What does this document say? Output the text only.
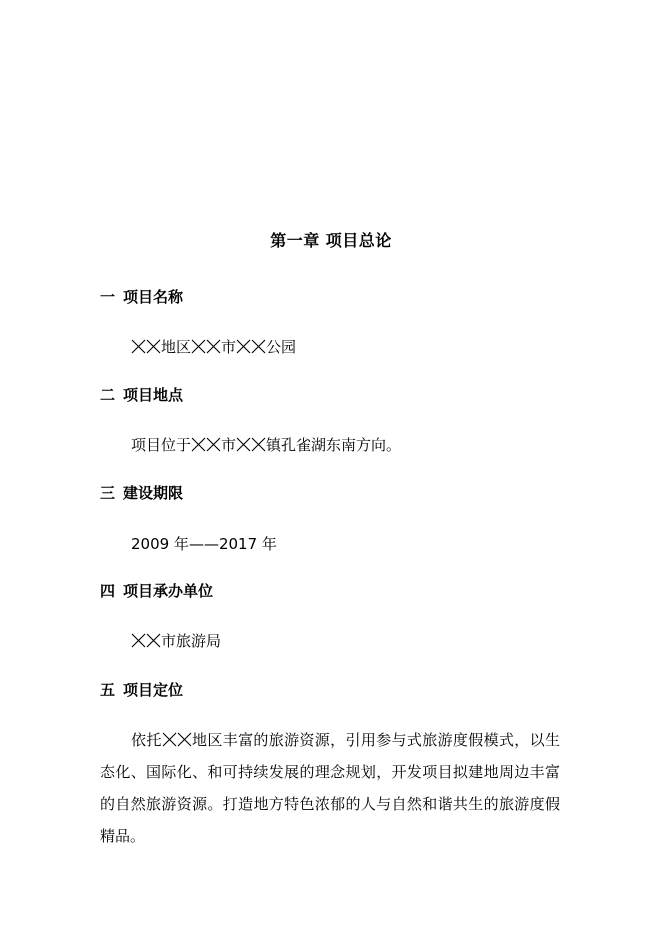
第一章 项目总论
一 项目名称
地区 市 公园
二 项目地点
项目位于 市 镇孔雀湖东南方向。
三 建设期限
2009 年——2017 年
四 项目承办单位
市旅游局
五 项目定位

依托 地区丰富的旅游资源，引用参与式旅游度假模式，以生态化、国际化、和可持续发展的理念规划，开发项目拟建地周边丰富的自然旅游资源。打造地方特色浓郁的人与自然和谐共生的旅游度假精品。
